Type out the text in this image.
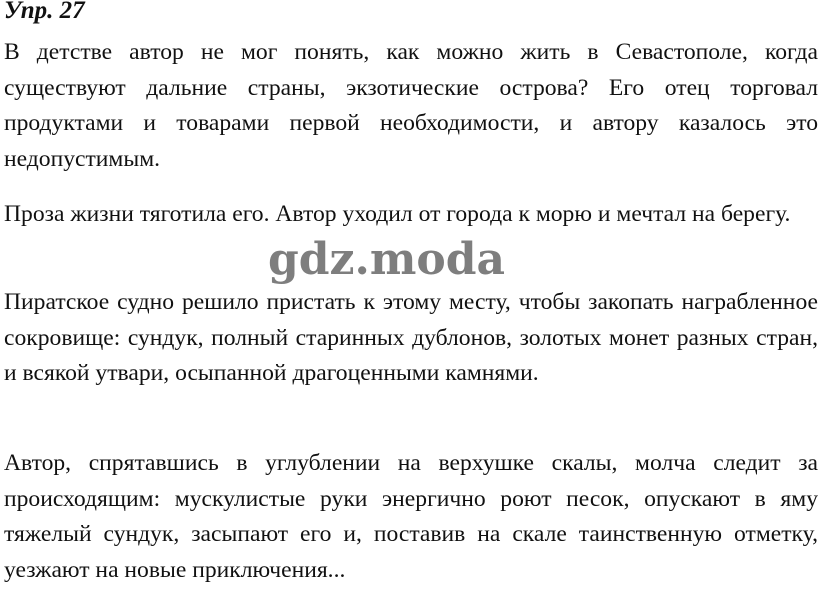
Упр. 27

В детстве автор не мог понять, как можно жить в Севастополе, когда существуют дальние страны, экзотические острова? Его отец торговал продуктами и товарами первой необходимости, и автору казалось это недопустимым.

Проза жизни тяготила его. Автор уходил от города к морю и мечтал на берегу.

Пиратское судно решило пристать к этому месту, чтобы закопать награбленное сокровище: сундук, полный старинных дублонов, золотых монет разных стран, и всякой утвари, осыпанной драгоценными камнями.

Автор, спрятавшись в углублении на верхушке скалы, молча следит за происходящим: мускулистые руки энергично роют песок, опускают в яму тяжелый сундук, засыпают его и, поставив на скале таинственную отметку, уезжают на новые приключения...

gdz.moda
